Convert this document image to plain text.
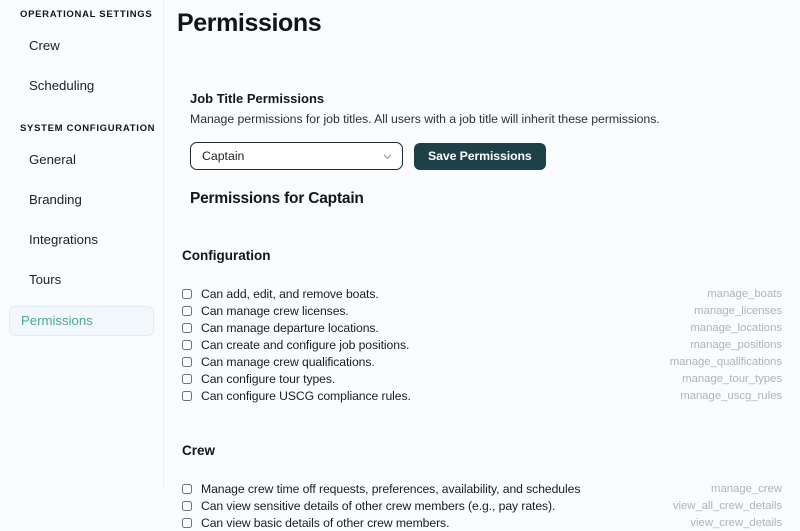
OPERATIONAL SETTINGS
Crew
Scheduling
SYSTEM CONFIGURATION
General
Branding
Integrations
Tours
Permissions
Permissions
Job Title Permissions
Manage permissions for job titles. All users with a job title will inherit these permissions.
Captain	Save Permissions
Permissions for Captain
Configuration
Can add, edit, and remove boats.	manage_boats
Can manage crew licenses.	manage_licenses
Can manage departure locations.	manage_locations
Can create and configure job positions.	manage_positions
Can manage crew qualifications.	manage_qualifications
Can configure tour types.	manage_tour_types
Can configure USCG compliance rules.	manage_uscg_rules
Crew
Manage crew time off requests, preferences, availability, and schedules	manage_crew
Can view sensitive details of other crew members (e.g., pay rates).	view_all_crew_details
Can view basic details of other crew members.	view_crew_details
